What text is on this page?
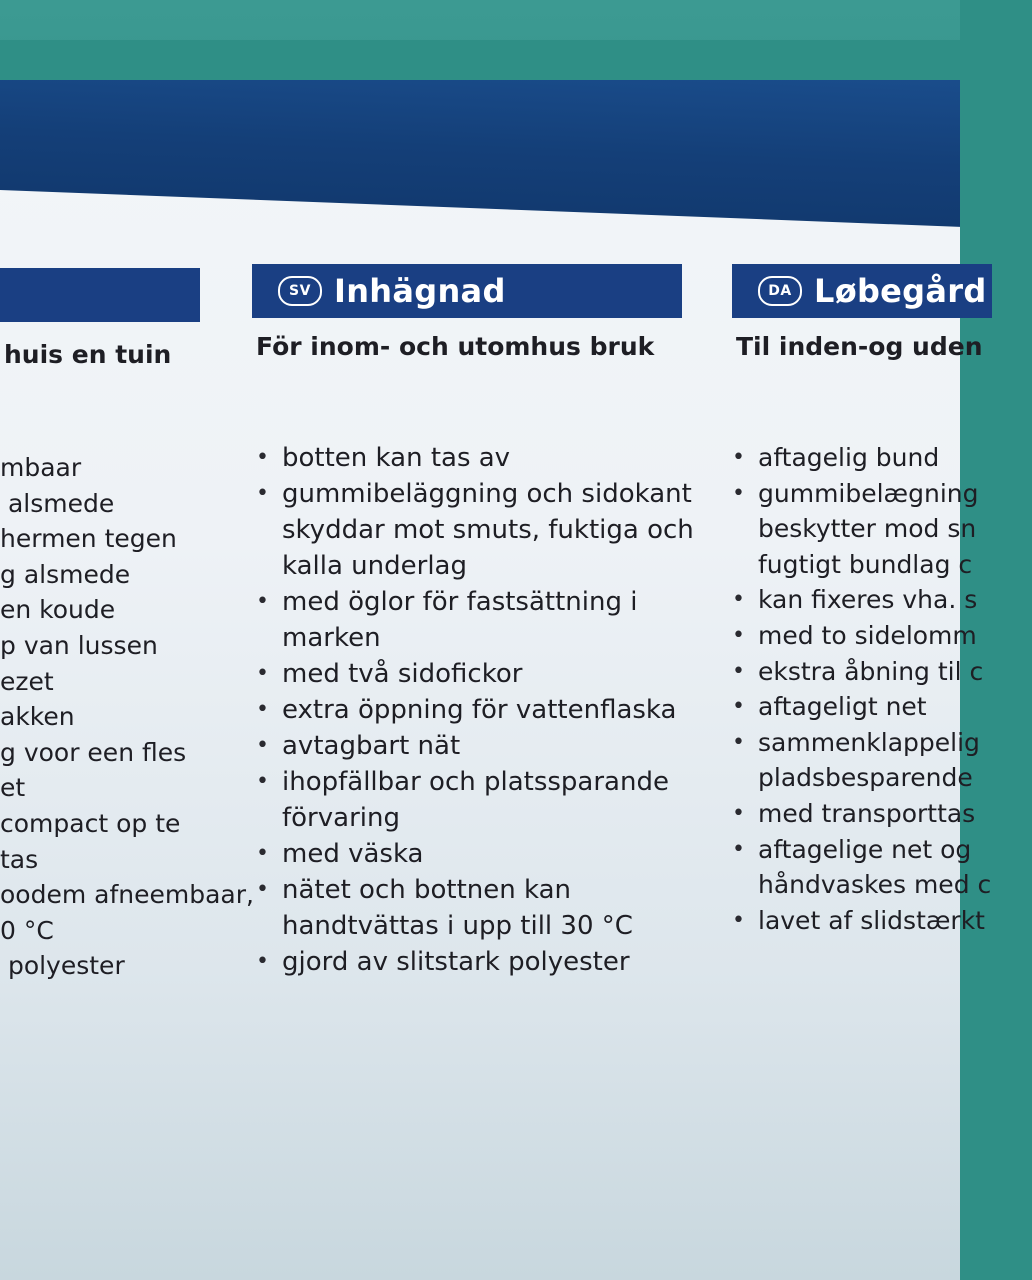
huis en tuin
mbaar
alsmede
hermen tegen
g alsmede
en koude
p van lussen
ezet
akken
g voor een fles
et
compact op te
tas
oodem afneembaar,
0 °C
polyester
SV Inhägnad
För inom- och utomhus bruk
• botten kan tas av
• gummibeläggning och sidokant
skyddar mot smuts, fuktiga och
kalla underlag
• med öglor för fastsättning i
marken
• med två sidofickor
• extra öppning för vattenflaska
• avtagbart nät
• ihopfällbar och platssparande
förvaring
• med väska
• nätet och bottnen kan
handtvättas i upp till 30 °C
• gjord av slitstark polyester
DA Løbegård
Til inden-og uden
• aftagelig bund
• gummibelægning
beskytter mod sn
fugtigt bundlag c
• kan fixeres vha. s
• med to sidelomm
• ekstra åbning til c
• aftageligt net
• sammenklappelig
pladsbesparende
• med transporttas
• aftagelige net og
håndvaskes med c
• lavet af slidstærkt
